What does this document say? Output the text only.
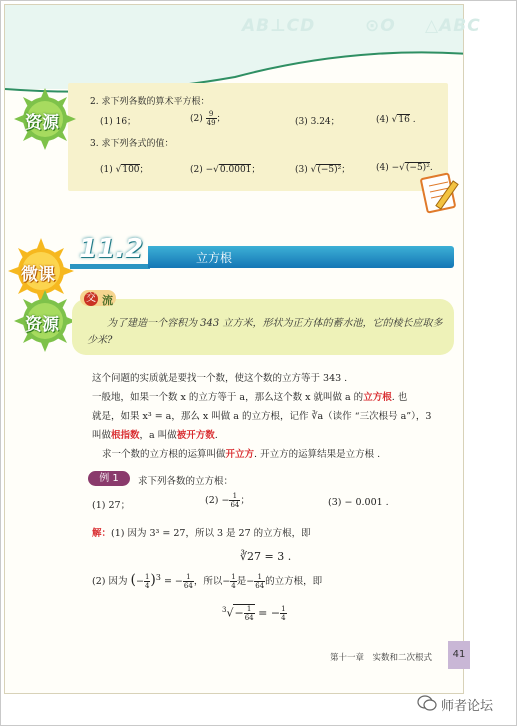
AB⊥CD	⊙O △ABC
资源
2. 求下列各数的算术平方根：
(1) 16；	$(2) \frac{9}{49}$ ；	(3) 3.24；	(4) √16 .
3. 求下列各式的值：
(1) √100；	(2) −√0.0001；	(3) √(−5)²；	(4) −√(−5)².
微课
11.2	立方根
交 流
资源	为了建造一个容积为 343 立方米，形状为正方体的蓄水池，它的棱长应取多少米?
这个问题的实质就是要找一个数，使这个数的立方等于 343 .
一般地，如果一个数 x 的立方等于 a，那么这个数 x 就叫做 a 的立方根. 也
就是，如果 x³ = a，那么 x 叫做 a 的立方根，记作 ∛a（读作 “三次根号 a”），3
叫做根指数，a 叫做被开方数.
求一个数的立方根的运算叫做开立方. 开立方的运算结果是立方根 .
例 1	求下列各数的立方根：
(1) 27；	$(2) - \frac{1}{64}$ ；	(3) − 0.001 .
解：(1) 因为 3³ = 27，所以 3 是 27 的立方根，即
∛27 = 3 .
(2) 因为 (− $\frac{1}{4} )^3$ = − $\frac{1}{64}$ ，所以− $\frac{1}{4}$ 是− $\frac{1}{64}$ 的立方根，即
$^3√- \frac{1}{64}$ = − $\frac{1}{4}$
第十一章　实数和二次根式	41
师者论坛
